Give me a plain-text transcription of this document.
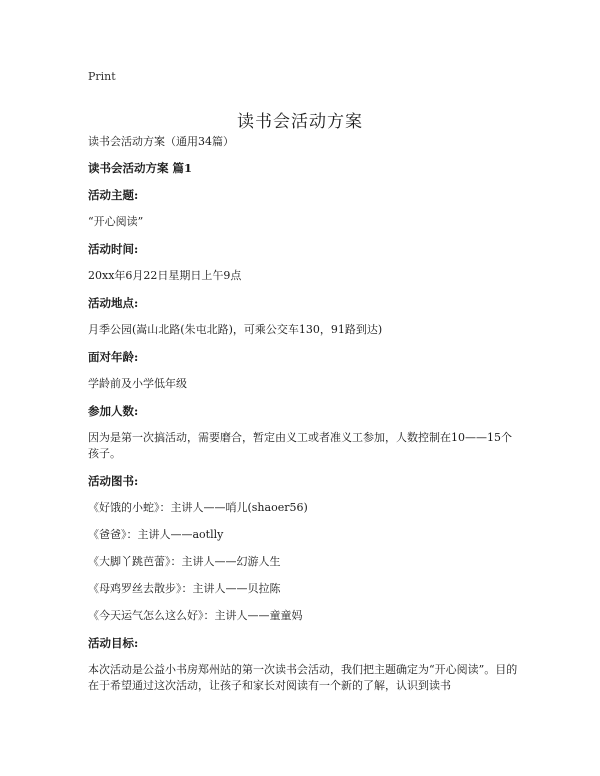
Print
读书会活动方案

读书会活动方案（通用34篇）

读书会活动方案 篇1

活动主题:

“开心阅读”

活动时间:

20xx年6月22日星期日上午9点

活动地点:

月季公园(嵩山北路(朱屯北路)，可乘公交车130，91路到达)

面对年龄:

学龄前及小学低年级

参加人数:

因为是第一次搞活动，需要磨合，暂定由义工或者准义工参加，人数控制在10——15个孩子。

活动图书:

《好饿的小蛇》：主讲人——哨儿(shaoer56)
《爸爸》：主讲人——aotlly
《大脚丫跳芭蕾》：主讲人——幻游人生
《母鸡罗丝去散步》：主讲人——贝拉陈
《今天运气怎么这么好》：主讲人——童童妈

活动目标:

本次活动是公益小书房郑州站的第一次读书会活动，我们把主题确定为“开心阅读”。目的在于希望通过这次活动，让孩子和家长对阅读有一个新的了解，认识到读书
